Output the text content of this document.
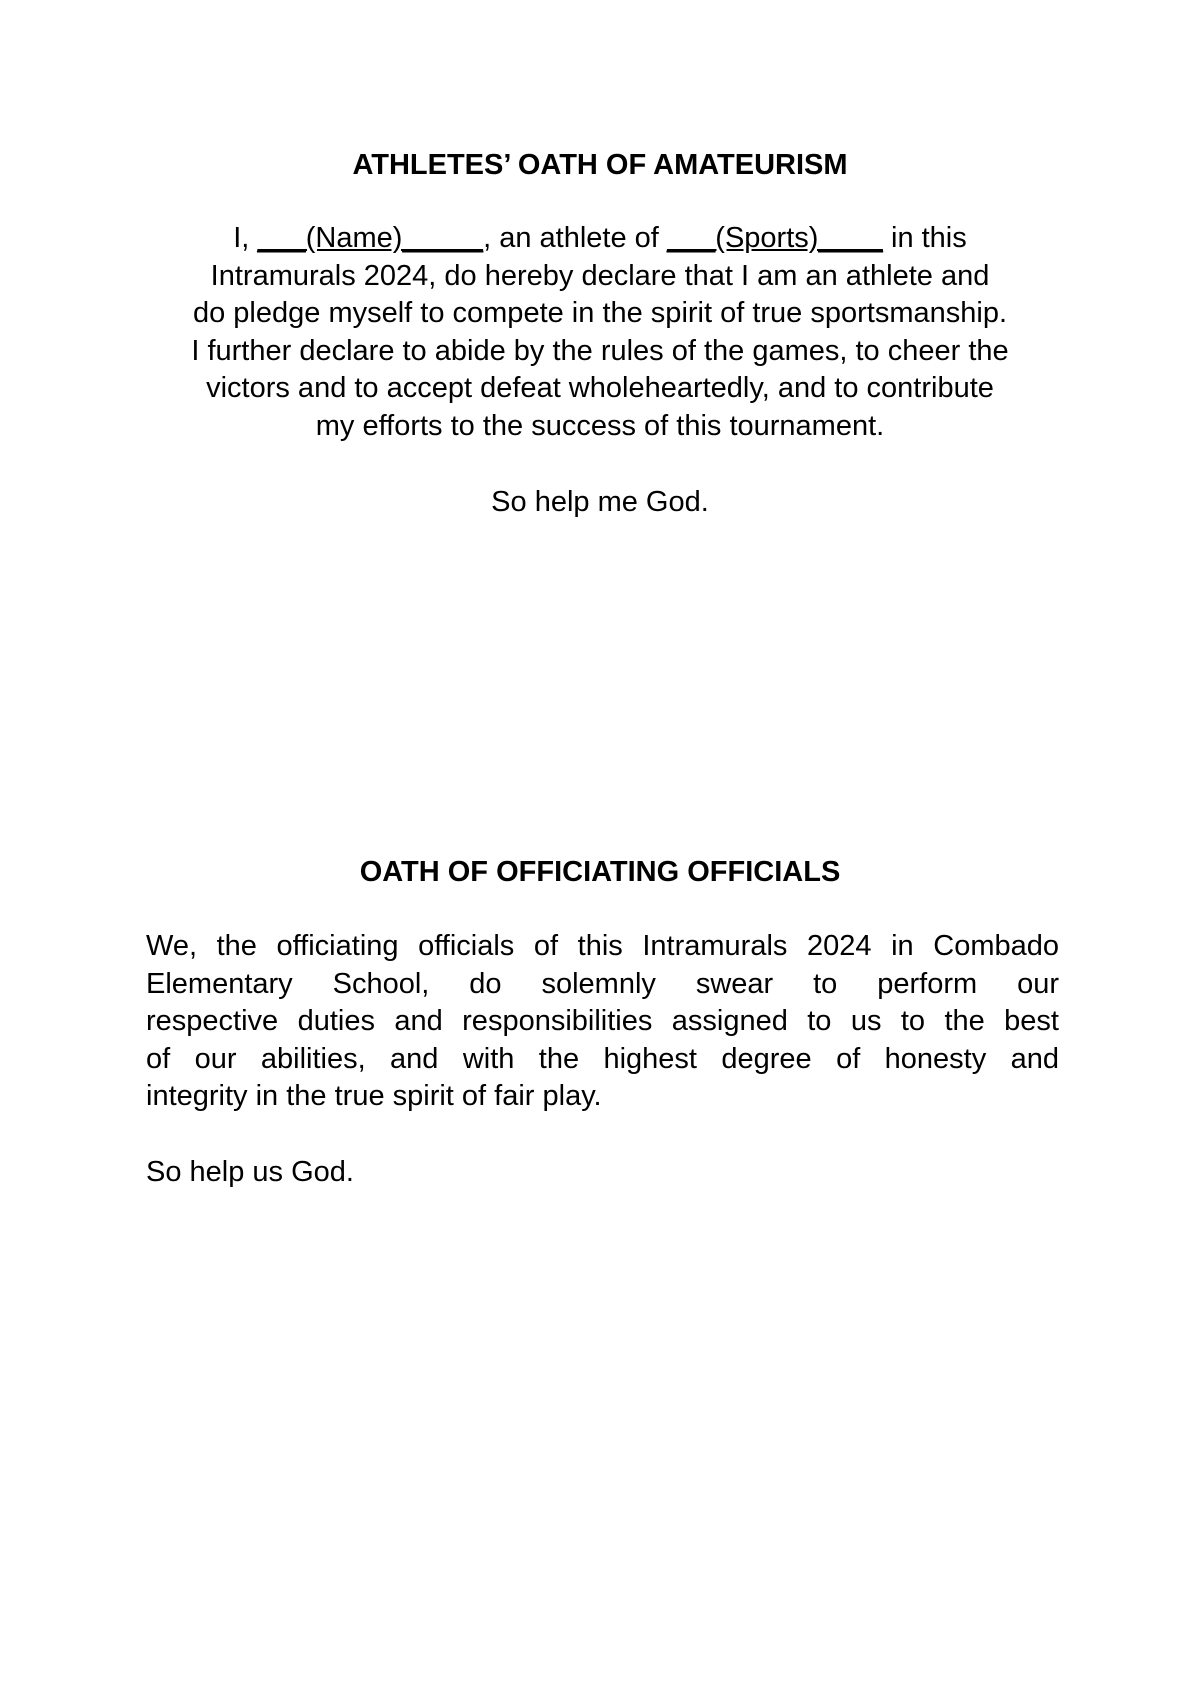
ATHLETES’ OATH OF AMATEURISM
I, ___(Name)_____, an athlete of ___(Sports)____ in this
Intramurals 2024, do hereby declare that I am an athlete and
do pledge myself to compete in the spirit of true sportsmanship.
I further declare to abide by the rules of the games, to cheer the
victors and to accept defeat wholeheartedly, and to contribute
my efforts to the success of this tournament.
So help me God.
OATH OF OFFICIATING OFFICIALS
We, the officiating officials of this Intramurals 2024 in Combado
Elementary School, do solemnly swear to perform our
respective duties and responsibilities assigned to us to the best
of our abilities, and with the highest degree of honesty and
integrity in the true spirit of fair play.
So help us God.
